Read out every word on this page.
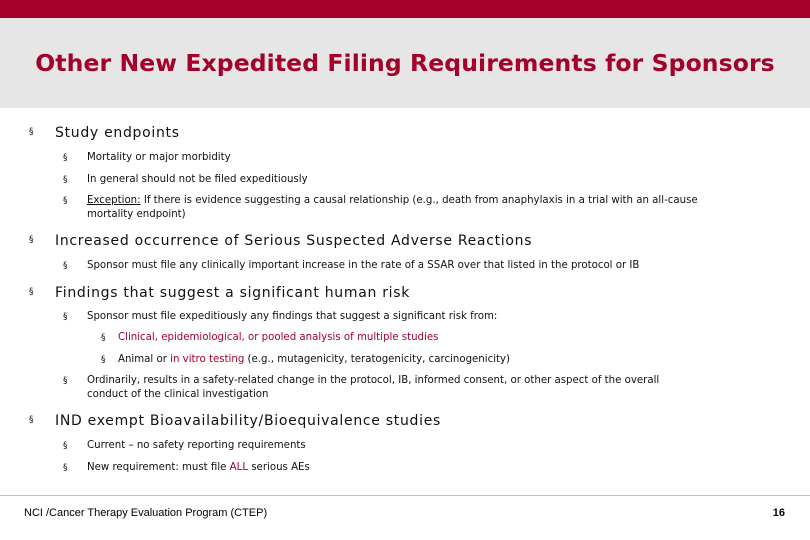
Other New Expedited Filing Requirements for Sponsors
§ Study endpoints
§ Mortality or major morbidity
§ In general should not be filed expeditiously
§ Exception: If there is evidence suggesting a causal relationship (e.g., death from anaphylaxis in a trial with an all-cause
mortality endpoint)
§ Increased occurrence of Serious Suspected Adverse Reactions
§ Sponsor must file any clinically important increase in the rate of a SSAR over that listed in the protocol or IB
§ Findings that suggest a significant human risk
§ Sponsor must file expeditiously any findings that suggest a significant risk from:
§ Clinical, epidemiological, or pooled analysis of multiple studies
§ Animal or in vitro testing (e.g., mutagenicity, teratogenicity, carcinogenicity)
§ Ordinarily, results in a safety-related change in the protocol, IB, informed consent, or other aspect of the overall
conduct of the clinical investigation
§ IND exempt Bioavailability/Bioequivalence studies
§ Current – no safety reporting requirements
§ New requirement: must file ALL serious AEs
NCI /Cancer Therapy Evaluation Program (CTEP)	16
